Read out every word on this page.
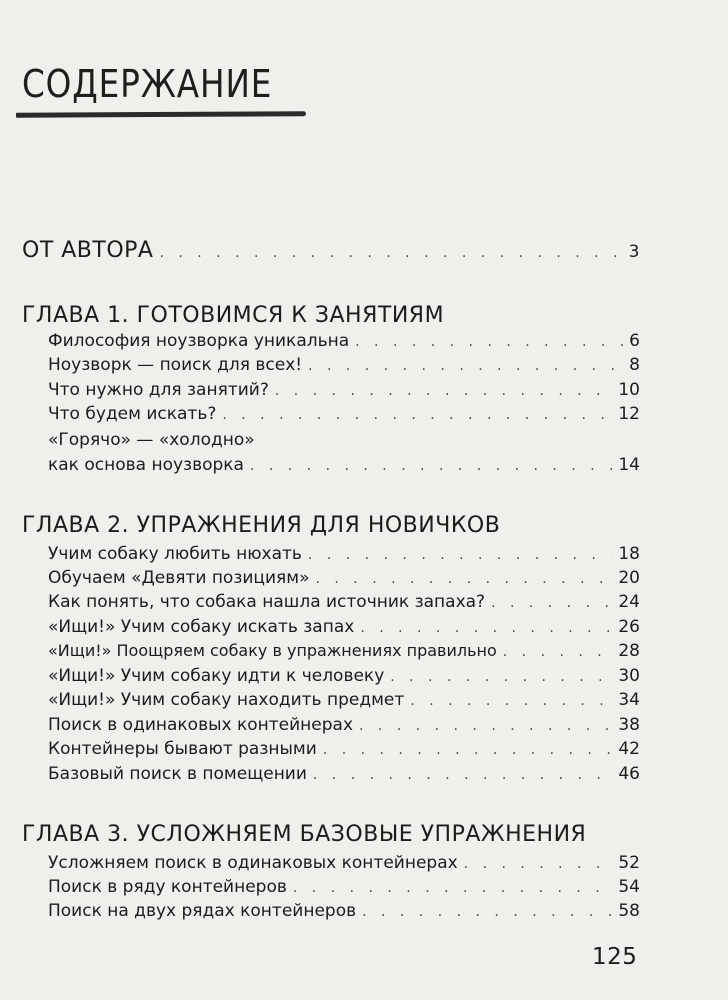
СОДЕРЖАНИЕ
ОТ АВТОРА . . .	3
ГЛАВА 1. ГОТОВИМСЯ К ЗАНЯТИЯМ
Философия ноузворка уникальна . . .	6
Ноузворк — поиск для всех! . . .	8
Что нужно для занятий? . . .	10
Что будем искать? . . .	12
«Горячо» — «холодно»
как основа ноузворка . . .	14
ГЛАВА 2. УПРАЖНЕНИЯ ДЛЯ НОВИЧКОВ
Учим собаку любить нюхать . . .	18
Обучаем «Девяти позициям» . . .	20
Как понять, что собака нашла источник запаха? . . .	24
«Ищи!» Учим собаку искать запах . . .	26
«Ищи!» Поощряем собаку в упражнениях правильно . . .	28
«Ищи!» Учим собаку идти к человеку . . .	30
«Ищи!» Учим собаку находить предмет . . .	34
Поиск в одинаковых контейнерах . . .	38
Контейнеры бывают разными . . .	42
Базовый поиск в помещении . . .	46
ГЛАВА 3. УСЛОЖНЯЕМ БАЗОВЫЕ УПРАЖНЕНИЯ
Усложняем поиск в одинаковых контейнерах . . .	52
Поиск в ряду контейнеров . . .	54
Поиск на двух рядах контейнеров . . .	58
125
